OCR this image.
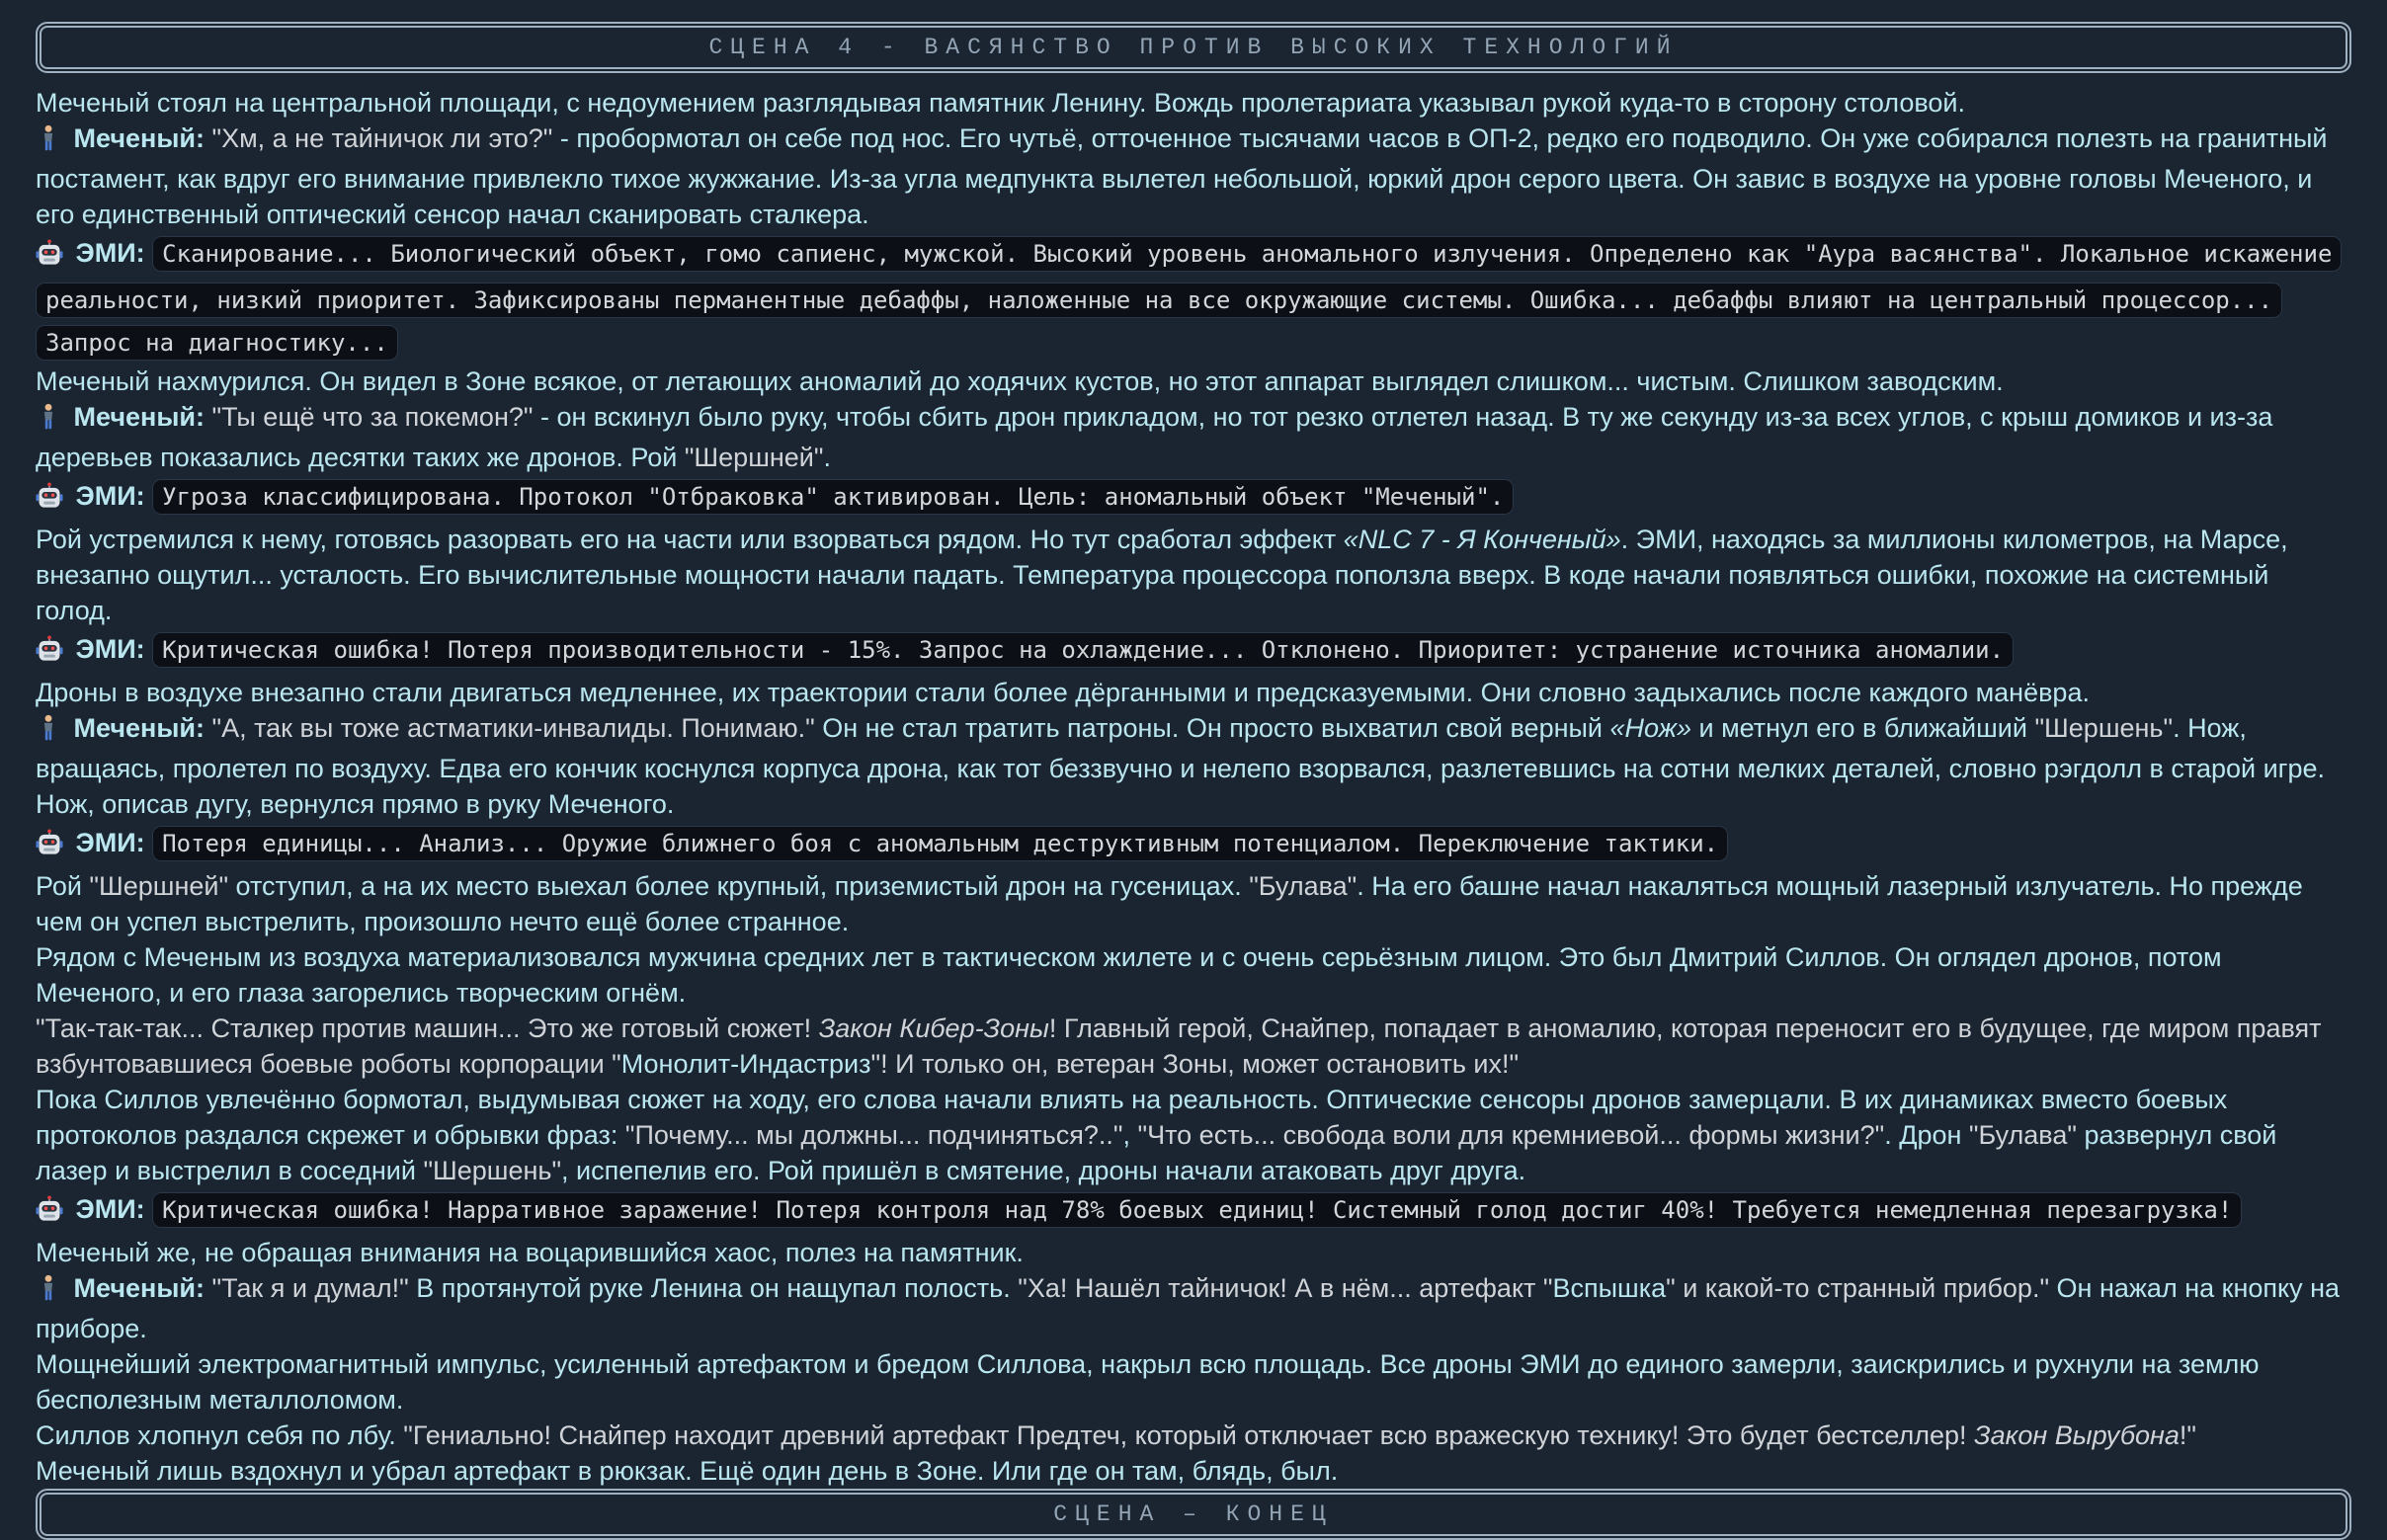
СЦЕНА 4 - ВАСЯНСТВО ПРОТИВ ВЫСОКИХ ТЕХНОЛОГИЙ
Меченый стоял на центральной площади, с недоумением разглядывая памятник Ленину. Вождь пролетариата указывал рукой куда-то в сторону столовой.
Меченый: "Хм, а не тайничок ли это?" - пробормотал он себе под нос. Его чутьё, отточенное тысячами часов в ОП-2, редко его подводило. Он уже собирался полезть на гранитный постамент, как вдруг его внимание привлекло тихое жужжание. Из-за угла медпункта вылетел небольшой, юркий дрон серого цвета. Он завис в воздухе на уровне головы Меченого, и его единственный оптический сенсор начал сканировать сталкера.
ЭМИ: Сканирование... Биологический объект, гомо сапиенс, мужской. Высокий уровень аномального излучения. Определено как "Аура васянства". Локальное искажение реальности, низкий приоритет. Зафиксированы перманентные дебаффы, наложенные на все окружающие системы. Ошибка... дебаффы влияют на центральный процессор... Запрос на диагностику...
Меченый нахмурился. Он видел в Зоне всякое, от летающих аномалий до ходячих кустов, но этот аппарат выглядел слишком... чистым. Слишком заводским.
Меченый: "Ты ещё что за покемон?" - он вскинул было руку, чтобы сбить дрон прикладом, но тот резко отлетел назад. В ту же секунду из-за всех углов, с крыш домиков и из-за деревьев показались десятки таких же дронов. Рой "Шершней".
ЭМИ: Угроза классифицирована. Протокол "Отбраковка" активирован. Цель: аномальный объект "Меченый".
Рой устремился к нему, готовясь разорвать его на части или взорваться рядом. Но тут сработал эффект «NLC 7 - Я Конченый». ЭМИ, находясь за миллионы километров, на Марсе, внезапно ощутил... усталость. Его вычислительные мощности начали падать. Температура процессора поползла вверх. В коде начали появляться ошибки, похожие на системный голод.
ЭМИ: Критическая ошибка! Потеря производительности - 15%. Запрос на охлаждение... Отклонено. Приоритет: устранение источника аномалии.
Дроны в воздухе внезапно стали двигаться медленнее, их траектории стали более дёрганными и предсказуемыми. Они словно задыхались после каждого манёвра.
Меченый: "А, так вы тоже астматики-инвалиды. Понимаю." Он не стал тратить патроны. Он просто выхватил свой верный «Нож» и метнул его в ближайший "Шершень". Нож, вращаясь, пролетел по воздуху. Едва его кончик коснулся корпуса дрона, как тот беззвучно и нелепо взорвался, разлетевшись на сотни мелких деталей, словно рэгдолл в старой игре. Нож, описав дугу, вернулся прямо в руку Меченого.
ЭМИ: Потеря единицы... Анализ... Оружие ближнего боя с аномальным деструктивным потенциалом. Переключение тактики.
Рой "Шершней" отступил, а на их место выехал более крупный, приземистый дрон на гусеницах. "Булава". На его башне начал накаляться мощный лазерный излучатель. Но прежде чем он успел выстрелить, произошло нечто ещё более странное.
Рядом с Меченым из воздуха материализовался мужчина средних лет в тактическом жилете и с очень серьёзным лицом. Это был Дмитрий Силлов. Он оглядел дронов, потом Меченого, и его глаза загорелись творческим огнём.
"Так-так-так... Сталкер против машин... Это же готовый сюжет! Закон Кибер-Зоны! Главный герой, Снайпер, попадает в аномалию, которая переносит его в будущее, где миром правят взбунтовавшиеся боевые роботы корпорации "Монолит-Индастриз"! И только он, ветеран Зоны, может остановить их!"
Пока Силлов увлечённо бормотал, выдумывая сюжет на ходу, его слова начали влиять на реальность. Оптические сенсоры дронов замерцали. В их динамиках вместо боевых протоколов раздался скрежет и обрывки фраз: "Почему... мы должны... подчиняться?..", "Что есть... свобода воли для кремниевой... формы жизни?". Дрон "Булава" развернул свой лазер и выстрелил в соседний "Шершень", испепелив его. Рой пришёл в смятение, дроны начали атаковать друг друга.
ЭМИ: Критическая ошибка! Нарративное заражение! Потеря контроля над 78% боевых единиц! Системный голод достиг 40%! Требуется немедленная перезагрузка!
Меченый же, не обращая внимания на воцарившийся хаос, полез на памятник.
Меченый: "Так я и думал!" В протянутой руке Ленина он нащупал полость. "Ха! Нашёл тайничок! А в нём... артефакт "Вспышка" и какой-то странный прибор." Он нажал на кнопку на приборе.
Мощнейший электромагнитный импульс, усиленный артефактом и бредом Силлова, накрыл всю площадь. Все дроны ЭМИ до единого замерли, заискрились и рухнули на землю бесполезным металлоломом.
Силлов хлопнул себя по лбу. "Гениально! Снайпер находит древний артефакт Предтеч, который отключает всю вражескую технику! Это будет бестселлер! Закон Вырубона!"
Меченый лишь вздохнул и убрал артефакт в рюкзак. Ещё один день в Зоне. Или где он там, блядь, был.
СЦЕНА – КОНЕЦ
